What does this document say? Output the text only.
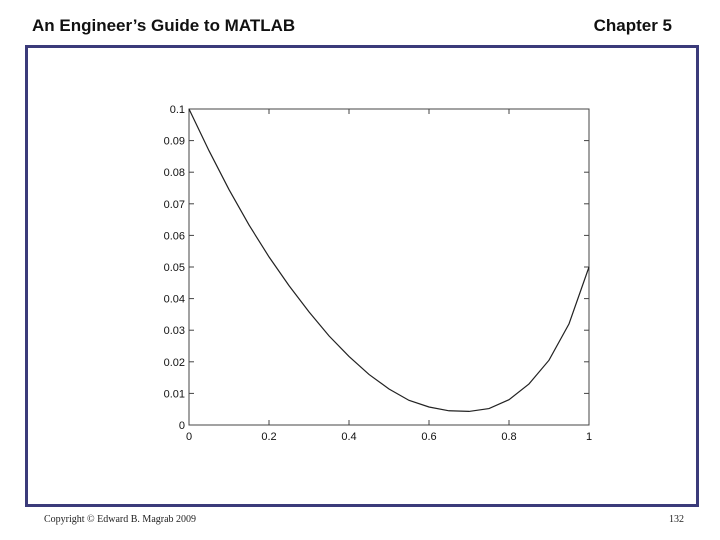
An Engineer’s Guide to MATLAB	Chapter 5
0	0.2	0.4	0.6	0.8	1
0
0.01
0.02
0.03
0.04
0.05
0.06
0.07
0.08
0.09
0.1
Copyright © Edward B. Magrab 2009	132
